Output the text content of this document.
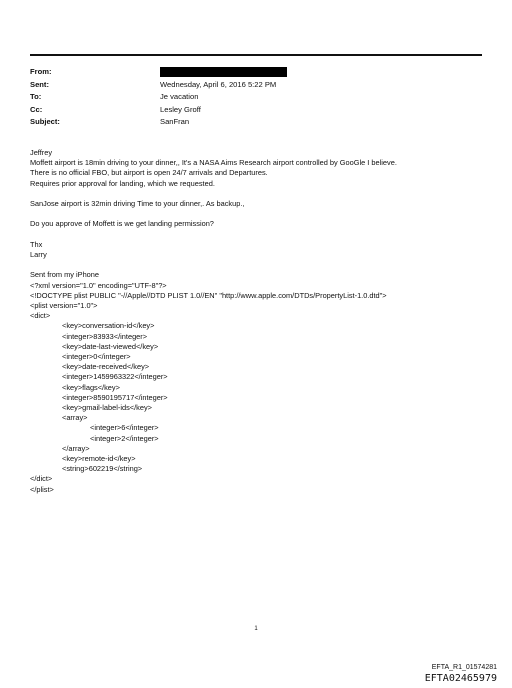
From:
Sent:	Wednesday, April 6, 2016 5:22 PM
To:	Je vacation
Cc:	Lesley Groff
Subject:	SanFran

Jeffrey

Moffett airport is 18min driving to your dinner,, It's a NASA Aims Research airport controlled by GooGle I believe.

There is no official FBO, but airport is open 24/7 arrivals and Departures.

Requires prior approval for landing, which we requested.

SanJose airport is 32min driving Time to your dinner,. As backup.,

Do you approve of Moffett is we get landing permission?

Thx

Larry

Sent from my iPhone

<?xml version="1.0" encoding="UTF-8"?>

<!DOCTYPE plist PUBLIC "-//Apple//DTD PLIST 1.0//EN" "http://www.apple.com/DTDs/PropertyList-1.0.dtd">

<plist version="1.0">

<dict>

<key>conversation-id</key>

<integer>83933</integer>

<key>date-last-viewed</key>

<integer>0</integer>

<key>date-received</key>

<integer>1459963322</integer>

<key>flags</key>

<integer>8590195717</integer>

<key>gmail-label-ids</key>

<array>

<integer>6</integer>

<integer>2</integer>

</array>

<key>remote-id</key>

<string>602219</string>

</dict>

</plist>

1
EFTA_R1_01574281
EFTA02465979
